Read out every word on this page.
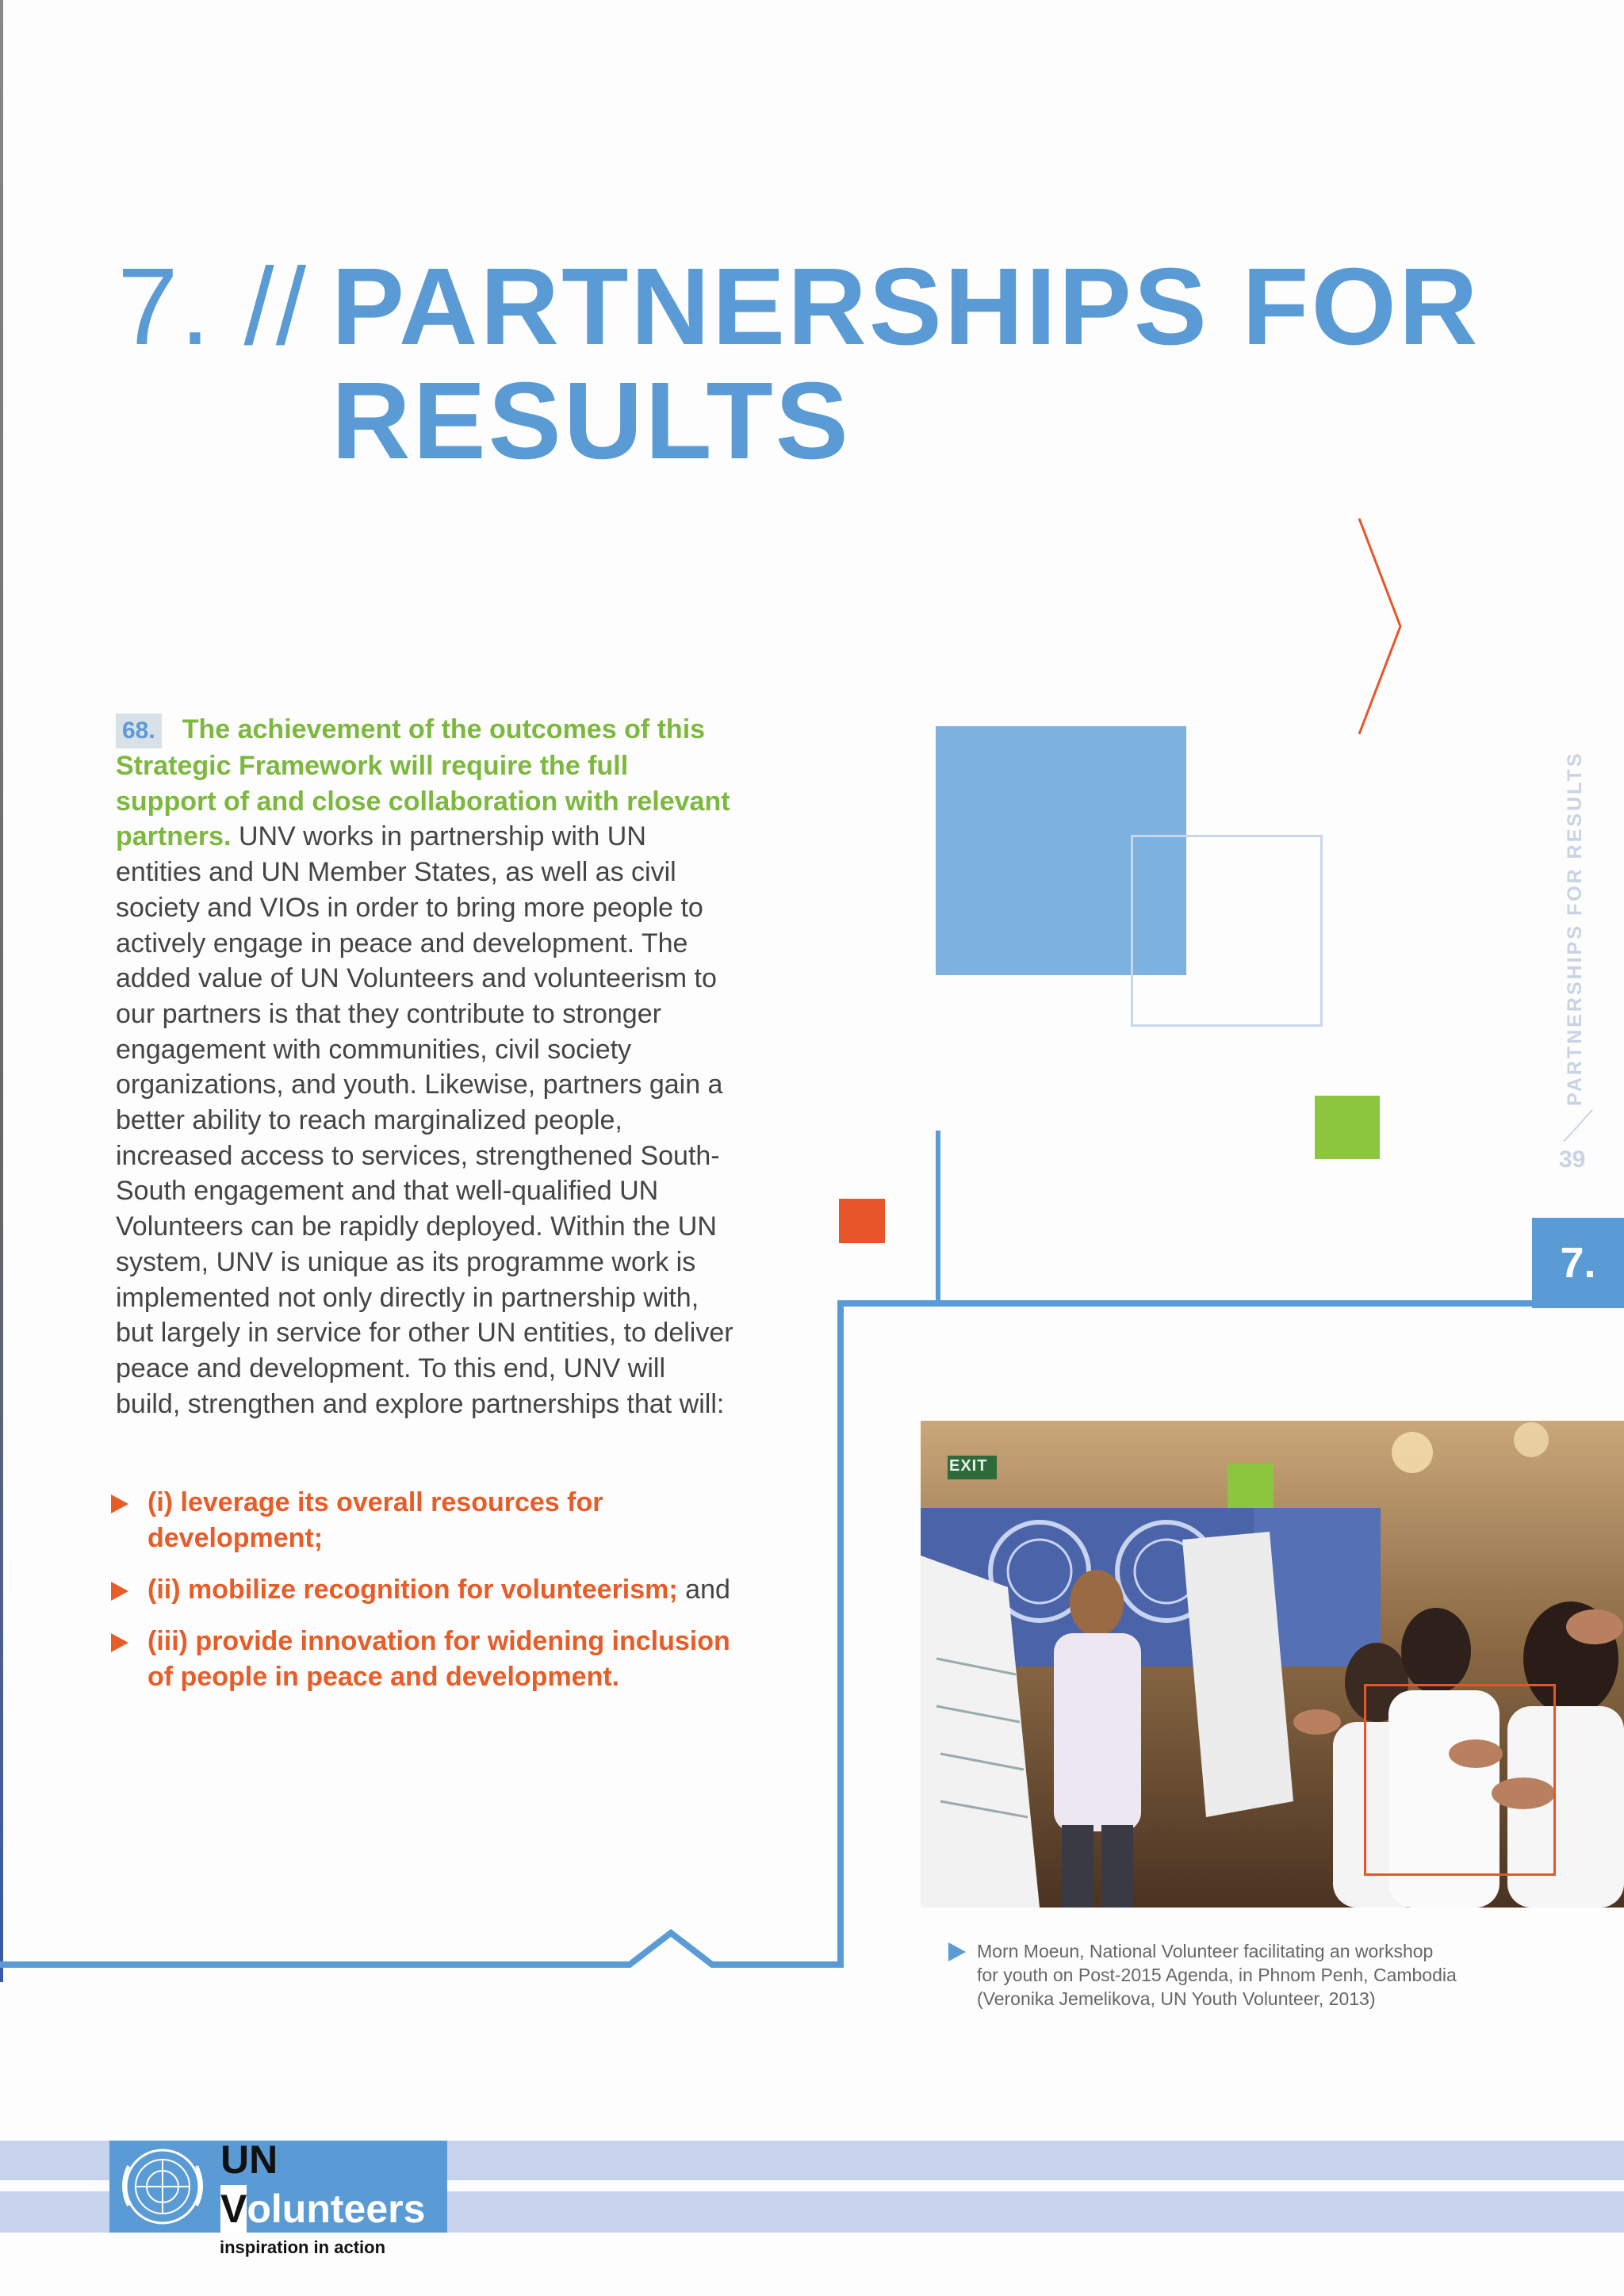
7. // PARTNERSHIPS FOR
RESULTS
68. The achievement of the outcomes of this Strategic Framework will require the full support of and close collaboration with relevant partners. UNV works in partnership with UN entities and UN Member States, as well as civil society and VIOs in order to bring more people to actively engage in peace and development. The added value of UN Volunteers and volunteerism to our partners is that they contribute to stronger engagement with communities, civil society organizations, and youth. Likewise, partners gain a better ability to reach marginalized people, increased access to services, strengthened South-South engagement and that well-qualified UN Volunteers can be rapidly deployed. Within the UN system, UNV is unique as its programme work is implemented not only directly in partnership with, but largely in service for other UN entities, to deliver peace and development. To this end, UNV will build, strengthen and explore partnerships that will:
(i) leverage its overall resources for development;
(ii) mobilize recognition for volunteerism; and
(iii) provide innovation for widening inclusion of people in peace and development.
PARTNERSHIPS FOR RESULTS
39
7.
EXIT
Morn Moeun, National Volunteer facilitating an workshop
for youth on Post-2015 Agenda, in Phnom Penh, Cambodia
(Veronika Jemelikova, UN Youth Volunteer, 2013)
UN
Volunteers
inspiration in action
